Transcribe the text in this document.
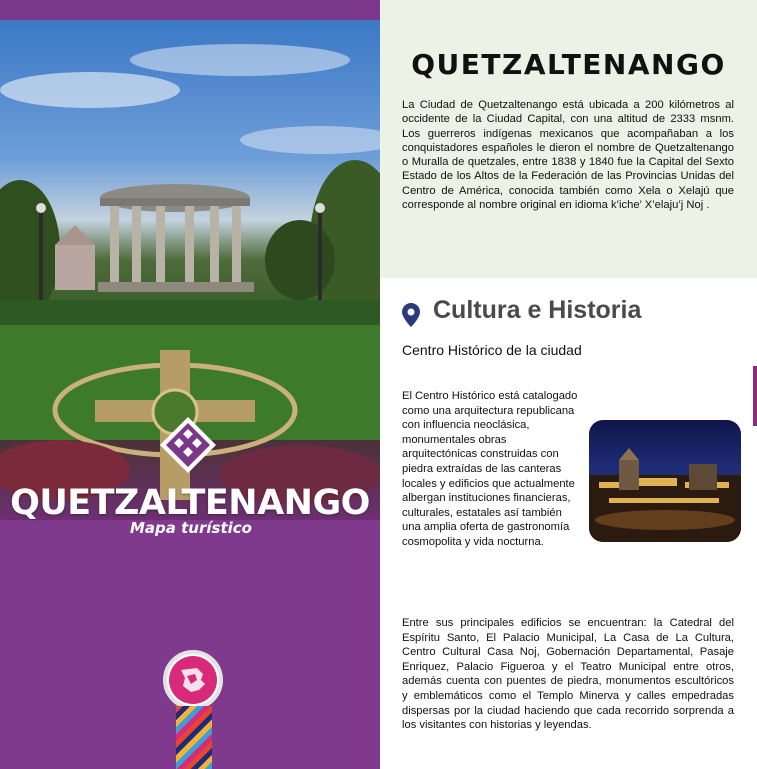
QUETZALTENANGO
Mapa turístico
QUETZALTENANGO
La Ciudad de Quetzaltenango está ubicada a 200 kilómetros al occidente de la Ciudad Capital, con una altitud de 2333 msnm. Los guerreros indígenas mexicanos que acompañaban a los conquistadores españoles le dieron el nombre de Quetzaltenango o Muralla de quetzales, entre 1838 y 1840 fue la Capital del Sexto Estado de los Altos de la Federación de las Provincias Unidas del Centro de América, conocida también como Xela o Xelajú que corresponde al nombre original en idioma k’iche’ X’elaju’j Noj .
Cultura e Historia
Centro Histórico de la ciudad
El Centro Histórico está catalogado como una arquitectura republicana con influencia neoclásica, monumentales obras arquitectónicas construidas con piedra extraídas de las canteras locales y edificios que actualmente albergan instituciones financieras, culturales, estatales así también una amplia oferta de gastronomía cosmopolita y vida nocturna.
Entre sus principales edificios se encuentran: la Catedral del Espíritu Santo, El Palacio Municipal, La Casa de La Cultura, Centro Cultural Casa Noj, Gobernación Departamental, Pasaje Enriquez, Palacio Figueroa y el Teatro Municipal entre otros, además cuenta con puentes de piedra, monumentos escultóricos y emblemáticos como el Templo Minerva y calles empedradas dispersas por la ciudad haciendo que cada recorrido sorprenda a los visitantes con historias y leyendas.
